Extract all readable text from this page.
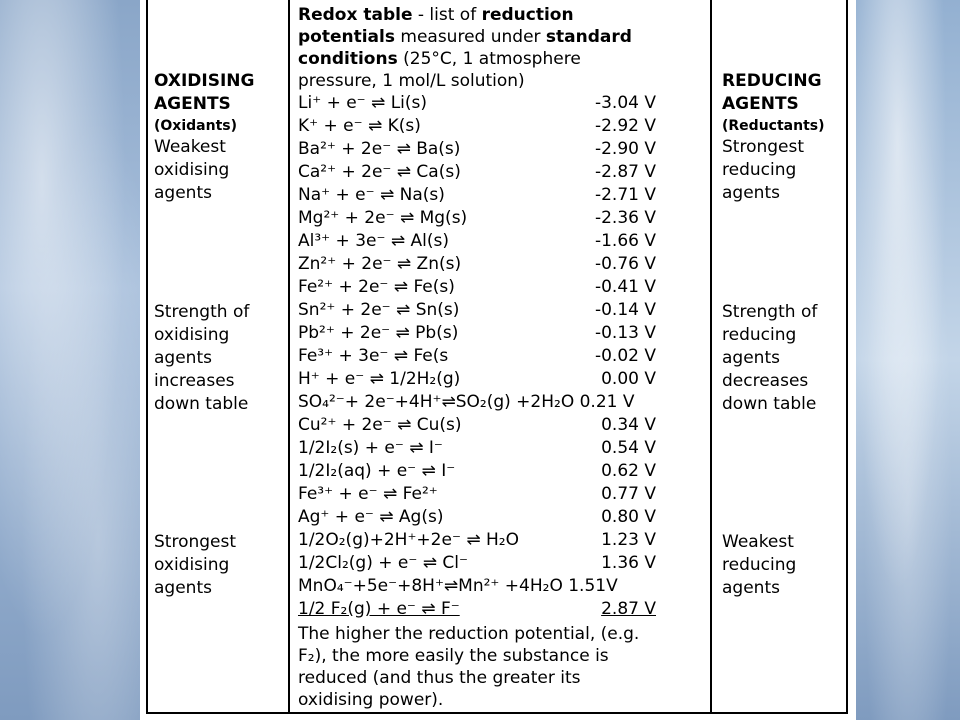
Redox table - list of reduction
potentials measured under standard
conditions (25°C, 1 atmosphere
pressure, 1 mol/L solution)
Li⁺ + e⁻ ⇌ Li(s)	-3.04 V
K⁺ + e⁻ ⇌ K(s)	-2.92 V
Ba²⁺ + 2e⁻ ⇌ Ba(s)	-2.90 V
Ca²⁺ + 2e⁻ ⇌ Ca(s)	-2.87 V
Na⁺ + e⁻ ⇌ Na(s)	-2.71 V
Mg²⁺ + 2e⁻ ⇌ Mg(s)	-2.36 V
Al³⁺ + 3e⁻ ⇌ Al(s)	-1.66 V
Zn²⁺ + 2e⁻ ⇌ Zn(s)	-0.76 V
Fe²⁺ + 2e⁻ ⇌ Fe(s)	-0.41 V
Sn²⁺ + 2e⁻ ⇌ Sn(s)	-0.14 V
Pb²⁺ + 2e⁻ ⇌ Pb(s)	-0.13 V
Fe³⁺ + 3e⁻ ⇌ Fe(s	-0.02 V
H⁺ + e⁻ ⇌ 1/2H₂(g)	0.00 V
SO₄²⁻+ 2e⁻+4H⁺⇌SO₂(g) +2H₂O 0.21 V
Cu²⁺ + 2e⁻ ⇌ Cu(s)	0.34 V
1/2I₂(s) + e⁻ ⇌ I⁻	0.54 V
1/2I₂(aq) + e⁻ ⇌ I⁻	0.62 V
Fe³⁺ + e⁻ ⇌ Fe²⁺	0.77 V
Ag⁺ + e⁻ ⇌ Ag(s)	0.80 V
1/2O₂(g)+2H⁺+2e⁻ ⇌ H₂O	1.23 V
1/2Cl₂(g) + e⁻ ⇌ Cl⁻	1.36 V
MnO₄⁻+5e⁻+8H⁺⇌Mn²⁺ +4H₂O 1.51V
1/2 F₂(g) + e⁻ ⇌ F⁻	2.87 V
The higher the reduction potential, (e.g.
F₂), the more easily the substance is
reduced (and thus the greater its
oxidising power).
OXIDISING
AGENTS
(Oxidants)
Weakest
oxidising
agents
Strength of
oxidising
agents
increases
down table
Strongest
oxidising
agents
REDUCING
AGENTS
(Reductants)
Strongest
reducing
agents
Strength of
reducing
agents
decreases
down table
Weakest
reducing
agents
